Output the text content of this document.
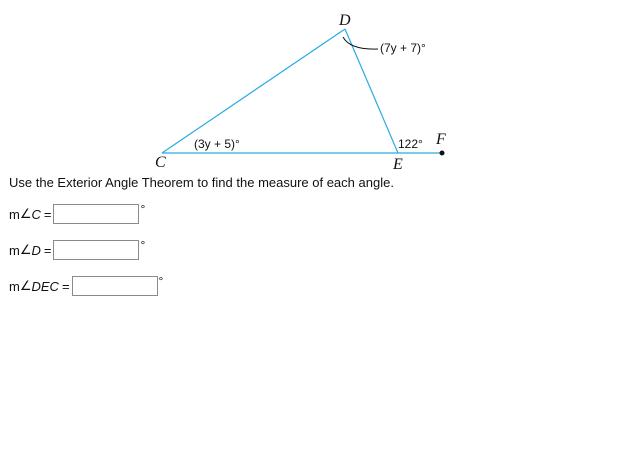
D
C	E
F
(7y + 7)°
(3y + 5)°	122°
Use the Exterior Angle Theorem to find the measure of each angle.
m ∠ C =	°
m ∠ D =	°
m ∠ DEC =	°
